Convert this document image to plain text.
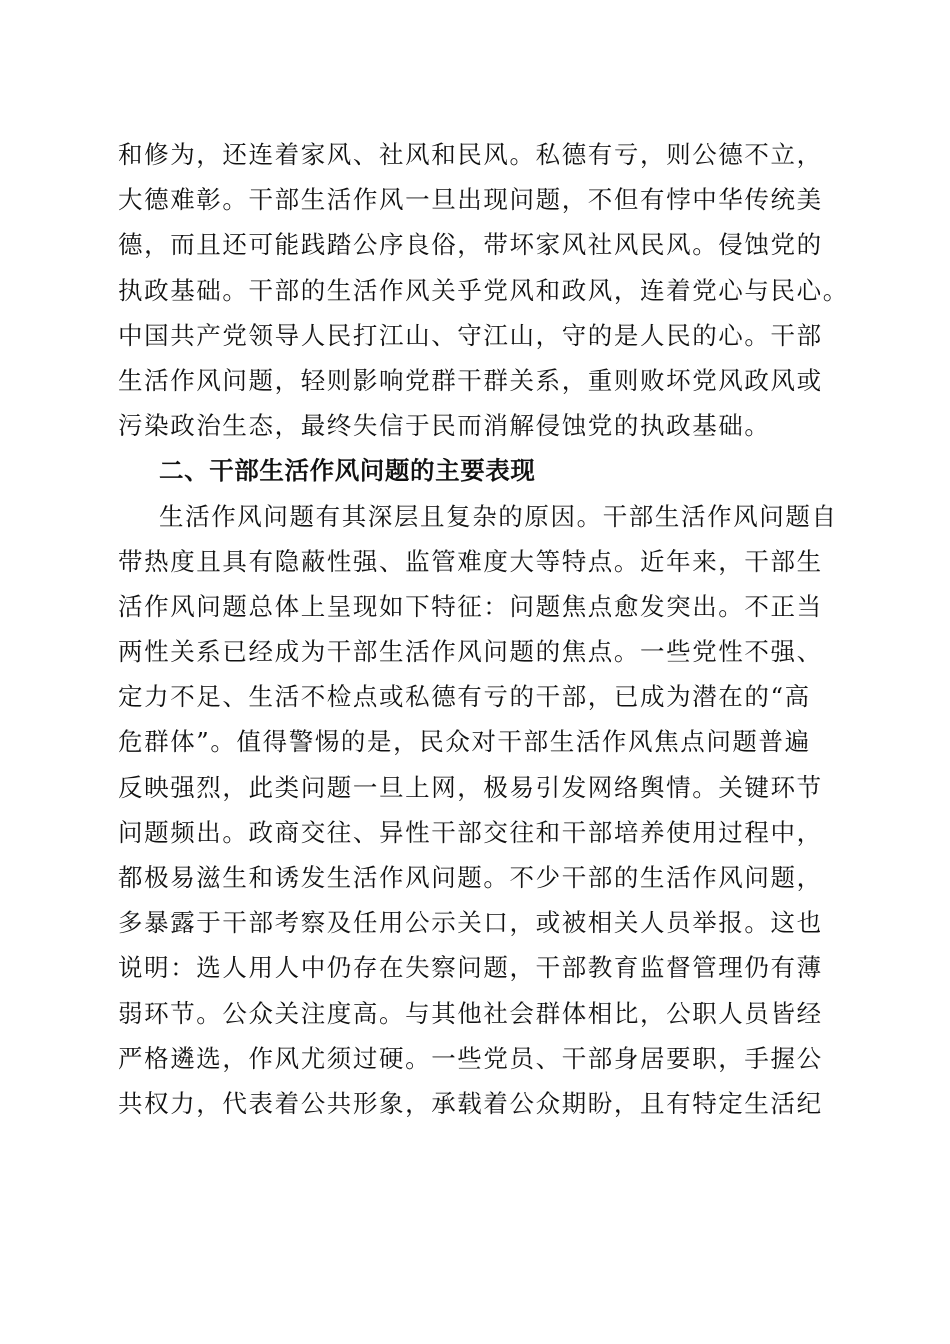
和修为，还连着家风、社风和民风。私德有亏，则公德不立，
大德难彰。干部生活作风一旦出现问题，不但有悖中华传统美
德，而且还可能践踏公序良俗，带坏家风社风民风。侵蚀党的
执政基础。干部的生活作风关乎党风和政风，连着党心与民心。
中国共产党领导人民打江山、守江山，守的是人民的心。干部
生活作风问题，轻则影响党群干群关系，重则败坏党风政风或
污染政治生态，最终失信于民而消解侵蚀党的执政基础。
二、干部生活作风问题的主要表现
生活作风问题有其深层且复杂的原因。干部生活作风问题自
带热度且具有隐蔽性强、监管难度大等特点。近年来，干部生
活作风问题总体上呈现如下特征：问题焦点愈发突出。不正当
两性关系已经成为干部生活作风问题的焦点。一些党性不强、
定力不足、生活不检点或私德有亏的干部，已成为潜在的“高
危群体”。值得警惕的是，民众对干部生活作风焦点问题普遍
反映强烈，此类问题一旦上网，极易引发网络舆情。关键环节
问题频出。政商交往、异性干部交往和干部培养使用过程中，
都极易滋生和诱发生活作风问题。不少干部的生活作风问题，
多暴露于干部考察及任用公示关口，或被相关人员举报。这也
说明：选人用人中仍存在失察问题，干部教育监督管理仍有薄
弱环节。公众关注度高。与其他社会群体相比，公职人员皆经
严格遴选，作风尤须过硬。一些党员、干部身居要职，手握公
共权力，代表着公共形象，承载着公众期盼，且有特定生活纪
